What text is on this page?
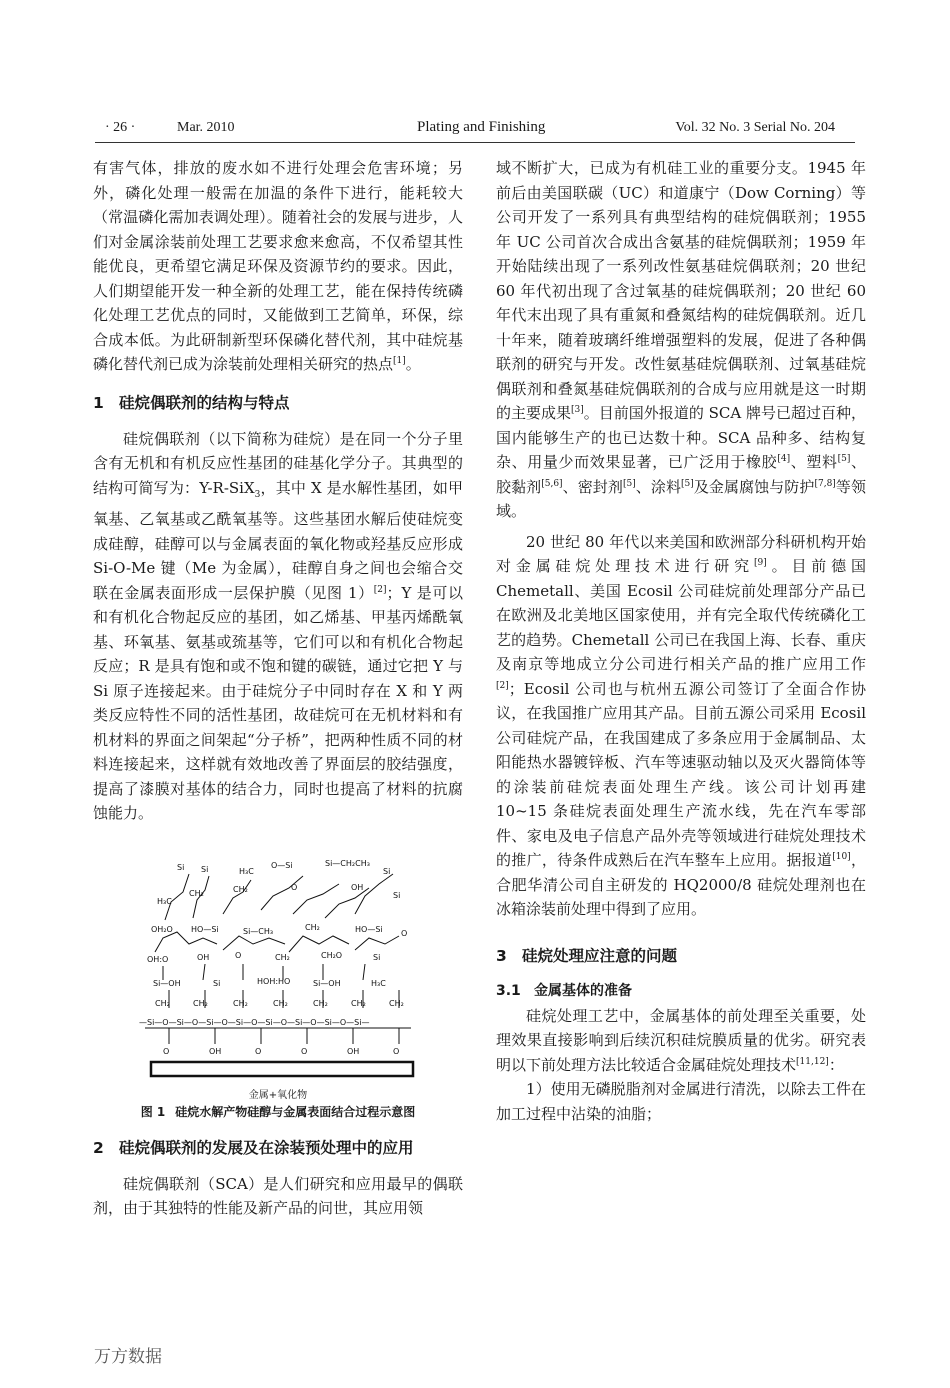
· 26 ·	Mar. 2010	Plating and Finishing	Vol. 32 No. 3 Serial No. 204

有害气体，排放的废水如不进行处理会危害环境；另外，磷化处理一般需在加温的条件下进行，能耗较大（常温磷化需加表调处理）。随着社会的发展与进步，人们对金属涂装前处理工艺要求愈来愈高，不仅希望其性能优良，更希望它满足环保及资源节约的要求。因此，人们期望能开发一种全新的处理工艺，能在保持传统磷化处理工艺优点的同时，又能做到工艺简单，环保，综合成本低。为此研制新型环保磷化替代剂，其中硅烷基磷化替代剂已成为涂装前处理相关研究的热点[1]。

1 硅烷偶联剂的结构与特点

硅烷偶联剂（以下简称为硅烷）是在同一个分子里含有无机和有机反应性基团的硅基化学分子。其典型的结构可简写为：Y-R-SiX$_3$，其中 X 是水解性基团，如甲氧基、乙氧基或乙酰氧基等。这些基团水解后使硅烷变成硅醇，硅醇可以与金属表面的氧化物或羟基反应形成 Si-O-Me 键（Me 为金属），硅醇自身之间也会缩合交联在金属表面形成一层保护膜（见图 1）[2]；Y 是可以和有机化合物起反应的基团，如乙烯基、甲基丙烯酰氧基、环氧基、氨基或巯基等，它们可以和有机化合物起反应；R 是具有饱和或不饱和键的碳链，通过它把 Y 与 Si 原子连接起来。由于硅烷分子中同时存在 X 和 Y 两类反应特性不同的活性基团，故硅烷可在无机材料和有机材料的界面之间架起“分子桥”，把两种性质不同的材料连接起来，这样就有效地改善了界面层的胶结强度，提高了漆膜对基体的结合力，同时也提高了材料的抗腐蚀能力。

Si Si	H₃C
O—Si	Si—CH₂CH₃
Si
H₃C
CH₂	CH₂	O	OH
Si
OH₂O HO—Si	Si—CH₃	CH₂	HO—Si O
OH:O	OH	O	CH₂	CH₂O	Si
Si—OH	Si	HOH:HO	Si—OH	H₃C
CH₂	CH₂	CH₂	CH₂	CH₂	CH₂	CH₂
—Si—O—Si—O—Si—O—Si—O—Si—O—Si—O—Si—O—Si—
O	OH	O	O	OH	O
金属+氧化物
图 1 硅烷水解产物硅醇与金属表面结合过程示意图
2 硅烷偶联剂的发展及在涂装预处理中的应用

硅烷偶联剂（SCA）是人们研究和应用最早的偶联剂，由于其独特的性能及新产品的问世，其应用领

域不断扩大，已成为有机硅工业的重要分支。1945 年前后由美国联碳（UC）和道康宁（Dow Corning）等公司开发了一系列具有典型结构的硅烷偶联剂；1955 年 UC 公司首次合成出含氨基的硅烷偶联剂；1959 年开始陆续出现了一系列改性氨基硅烷偶联剂；20 世纪 60 年代初出现了含过氧基的硅烷偶联剂；20 世纪 60 年代末出现了具有重氮和叠氮结构的硅烷偶联剂。近几十年来，随着玻璃纤维增强塑料的发展，促进了各种偶联剂的研究与开发。改性氨基硅烷偶联剂、过氧基硅烷偶联剂和叠氮基硅烷偶联剂的合成与应用就是这一时期的主要成果[3]。目前国外报道的 SCA 牌号已超过百种，国内能够生产的也已达数十种。SCA 品种多、结构复杂、用量少而效果显著，已广泛用于橡胶[4]、塑料[5]、胶黏剂[5,6]、密封剂[5]、涂料[5]及金属腐蚀与防护[7,8]等领域。

20 世纪 80 年代以来美国和欧洲部分科研机构开始对金属硅烷处理技术进行研究[9]。目前德国 Chemetall、美国 Ecosil 公司硅烷前处理部分产品已在欧洲及北美地区国家使用，并有完全取代传统磷化工艺的趋势。Chemetall 公司已在我国上海、长春、重庆及南京等地成立分公司进行相关产品的推广应用工作[2]；Ecosil 公司也与杭州五源公司签订了全面合作协议，在我国推广应用其产品。目前五源公司采用 Ecosil 公司硅烷产品，在我国建成了多条应用于金属制品、太阳能热水器镀锌板、汽车等速驱动轴以及灭火器筒体等的涂装前硅烷表面处理生产线。该公司计划再建 10~15 条硅烷表面处理生产流水线，先在汽车零部件、家电及电子信息产品外壳等领域进行硅烷处理技术的推广，待条件成熟后在汽车整车上应用。据报道[10]，合肥华清公司自主研发的 HQ2000/8 硅烷处理剂也在冰箱涂装前处理中得到了应用。

3 硅烷处理应注意的问题
3.1 金属基体的准备

硅烷处理工艺中，金属基体的前处理至关重要，处理效果直接影响到后续沉积硅烷膜质量的优劣。研究表明以下前处理方法比较适合金属硅烷处理技术[11,12]：

1）使用无磷脱脂剂对金属进行清洗，以除去工件在加工过程中沾染的油脂；

万方数据
